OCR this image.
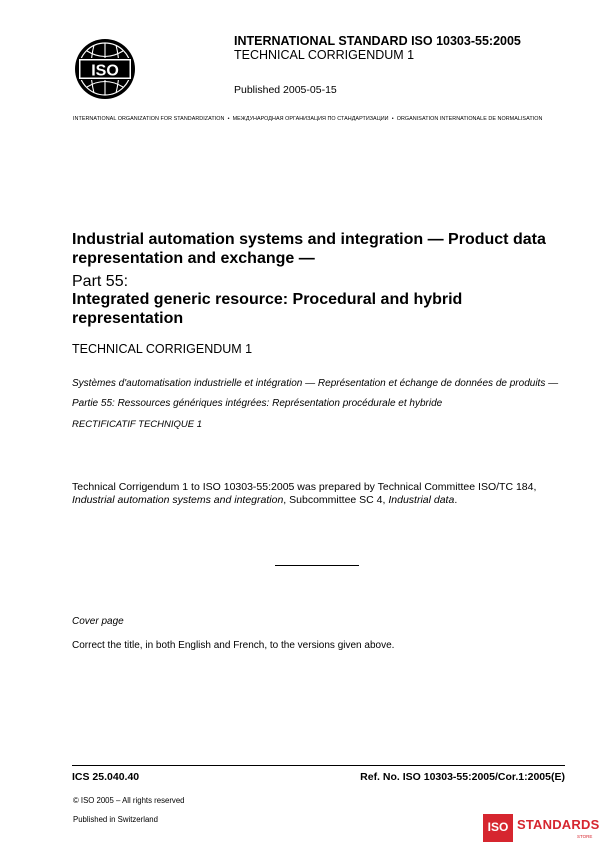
ISO
INTERNATIONAL STANDARD ISO 10303-55:2005
TECHNICAL CORRIGENDUM 1
Published 2005-05-15
INTERNATIONAL ORGANIZATION FOR STANDARDIZATION • МЕЖДУНАРОДНАЯ ОРГАНИЗАЦИЯ ПО СТАНДАРТИЗАЦИИ • ORGANISATION INTERNATIONALE DE NORMALISATION
Industrial automation systems and integration — Product data representation and exchange —
Part 55:
Integrated generic resource: Procedural and hybrid representation
TECHNICAL CORRIGENDUM 1
Systèmes d'automatisation industrielle et intégration — Représentation et échange de données de produits —
Partie 55: Ressources génériques intégrées: Représentation procédurale et hybride
RECTIFICATIF TECHNIQUE 1
Technical Corrigendum 1 to ISO 10303-55:2005 was prepared by Technical Committee ISO/TC 184, Industrial automation systems and integration, Subcommittee SC 4, Industrial data.
Cover page
Correct the title, in both English and French, to the versions given above.
ICS 25.040.40	Ref. No. ISO 10303-55:2005/Cor.1:2005(E)
© ISO 2005 – All rights reserved
Published in Switzerland
ISO STANDARDS
STORE
